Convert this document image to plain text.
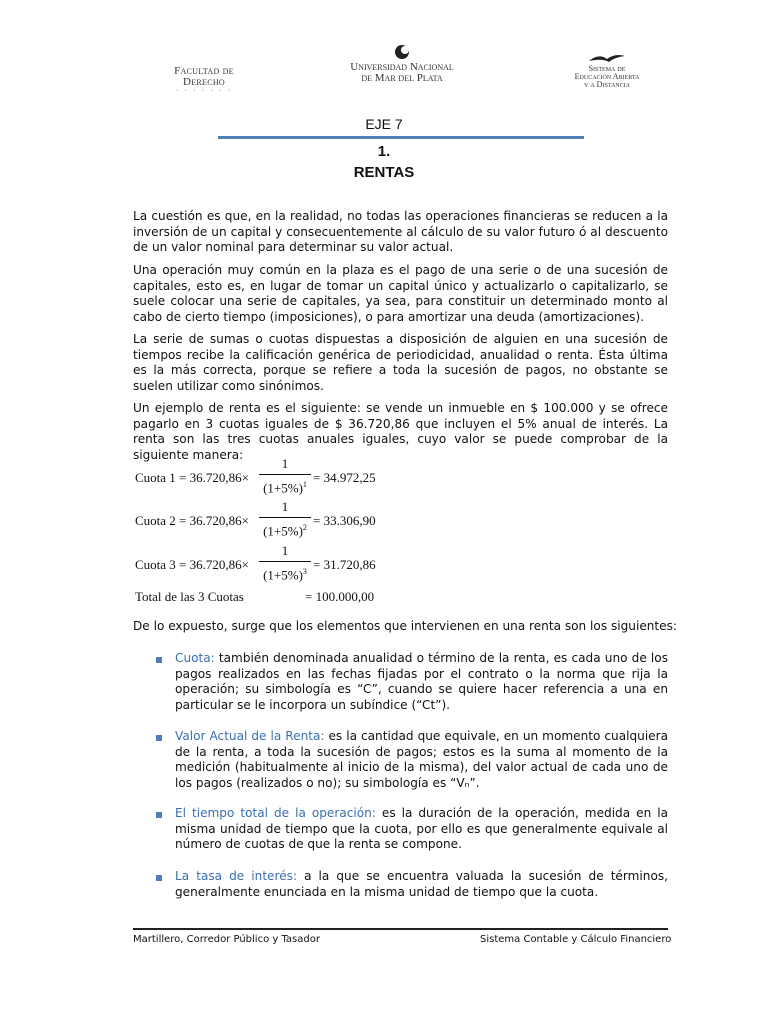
Facultad de
Derecho
· · · · · · ·
Universidad Nacional
de Mar del Plata
Sistema de
Educación Abierta
y a Distancia
EJE 7
1.
RENTAS

La cuestión es que, en la realidad, no todas las operaciones financieras se reducen a la inversión de un capital y consecuentemente al cálculo de su valor futuro ó al descuento de un valor nominal para determinar su valor actual.

Una operación muy común en la plaza es el pago de una serie o de una sucesión de capitales, esto es, en lugar de tomar un capital único y actualizarlo o capitalizarlo, se suele colocar una serie de capitales, ya sea, para constituir un determinado monto al cabo de cierto tiempo (imposiciones), o para amortizar una deuda (amortizaciones).

La serie de sumas o cuotas dispuestas a disposición de alguien en una sucesión de tiempos recibe la calificación genérica de periodicidad, anualidad o renta. Ésta última es la más correcta, porque se refiere a toda la sucesión de pagos, no obstante se suelen utilizar como sinónimos.

Un ejemplo de renta es el siguiente: se vende un inmueble en $ 100.000 y se ofrece pagarlo en 3 cuotas iguales de $ 36.720,86 que incluyen el 5% anual de interés. La renta son las tres cuotas anuales iguales, cuyo valor se puede comprobar de la siguiente manera:

Cuota 1 = 36.720,86×
1
$(1+5\%)^1 = 34.972,25$
Cuota 2 = 36.720,86×
1
$(1+5\%)^2 = 33.306,90$
Cuota 3 = 36.720,86×
1
$(1+5\%)^3 = 31.720,86$
Total de las 3 Cuotas	= 100.000,00
De lo expuesto, surge que los elementos que intervienen en una renta son los siguientes:

Cuota: también denominada anualidad o término de la renta, es cada uno de los pagos realizados en las fechas fijadas por el contrato o la norma que rija la operación; su simbología es “C”, cuando se quiere hacer referencia a una en particular se le incorpora un subíndice (“Ct”).

Valor Actual de la Renta: es la cantidad que equivale, en un momento cualquiera de la renta, a toda la sucesión de pagos; estos es la suma al momento de la medición (habitualmente al inicio de la misma), del valor actual de cada uno de los pagos (realizados o no); su simbología es “Vₙ”.

El tiempo total de la operación: es la duración de la operación, medida en la misma unidad de tiempo que la cuota, por ello es que generalmente equivale al número de cuotas de que la renta se compone.

La tasa de interés: a la que se encuentra valuada la sucesión de términos, generalmente enunciada en la misma unidad de tiempo que la cuota.

Martillero, Corredor Público y Tasador	Sistema Contable y Cálculo Financiero
